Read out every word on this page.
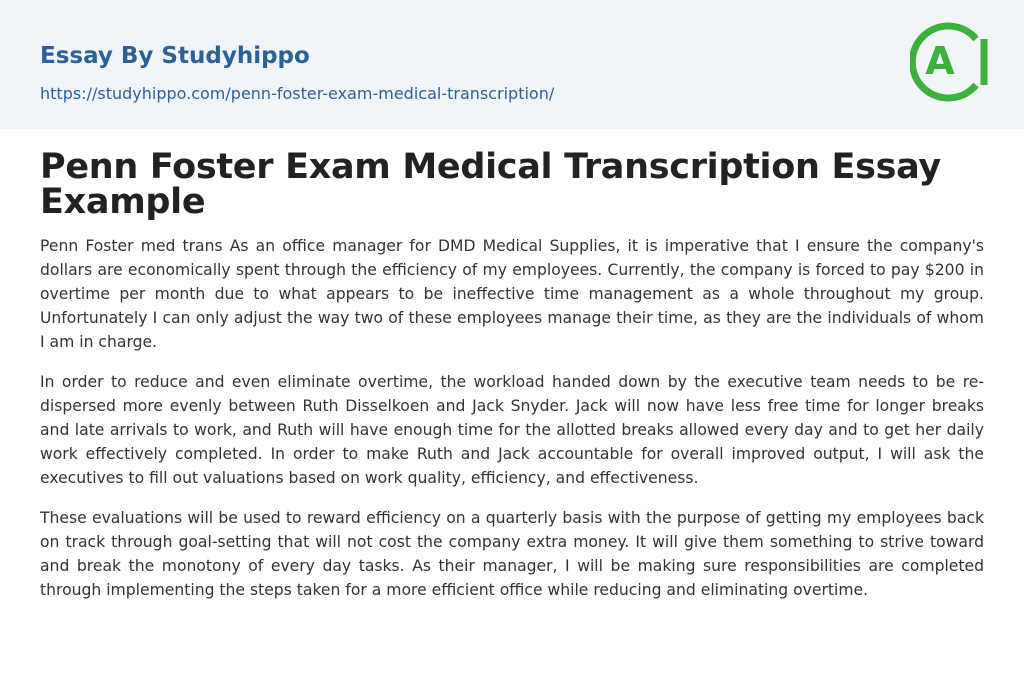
Essay By Studyhippo
https://studyhippo.com/penn-foster-exam-medical-transcription/
A
Penn Foster Exam Medical Transcription Essay Example

Penn Foster med trans As an office manager for DMD Medical Supplies, it is imperative that I ensure the company's dollars are economically spent through the efficiency of my employees. Currently, the company is forced to pay $200 in overtime per month due to what appears to be ineffective time management as a whole throughout my group. Unfortunately I can only adjust the way two of these employees manage their time, as they are the individuals of whom I am in charge.

In order to reduce and even eliminate overtime, the workload handed down by the executive team needs to be re-dispersed more evenly between Ruth Disselkoen and Jack Snyder. Jack will now have less free time for longer breaks and late arrivals to work, and Ruth will have enough time for the allotted breaks allowed every day and to get her daily work effectively completed. In order to make Ruth and Jack accountable for overall improved output, I will ask the executives to fill out valuations based on work quality, efficiency, and effectiveness.

These evaluations will be used to reward efficiency on a quarterly basis with the purpose of getting my employees back on track through goal-setting that will not cost the company extra money. It will give them something to strive toward and break the monotony of every day tasks. As their manager, I will be making sure responsibilities are completed through implementing the steps taken for a more efficient office while reducing and eliminating overtime.
